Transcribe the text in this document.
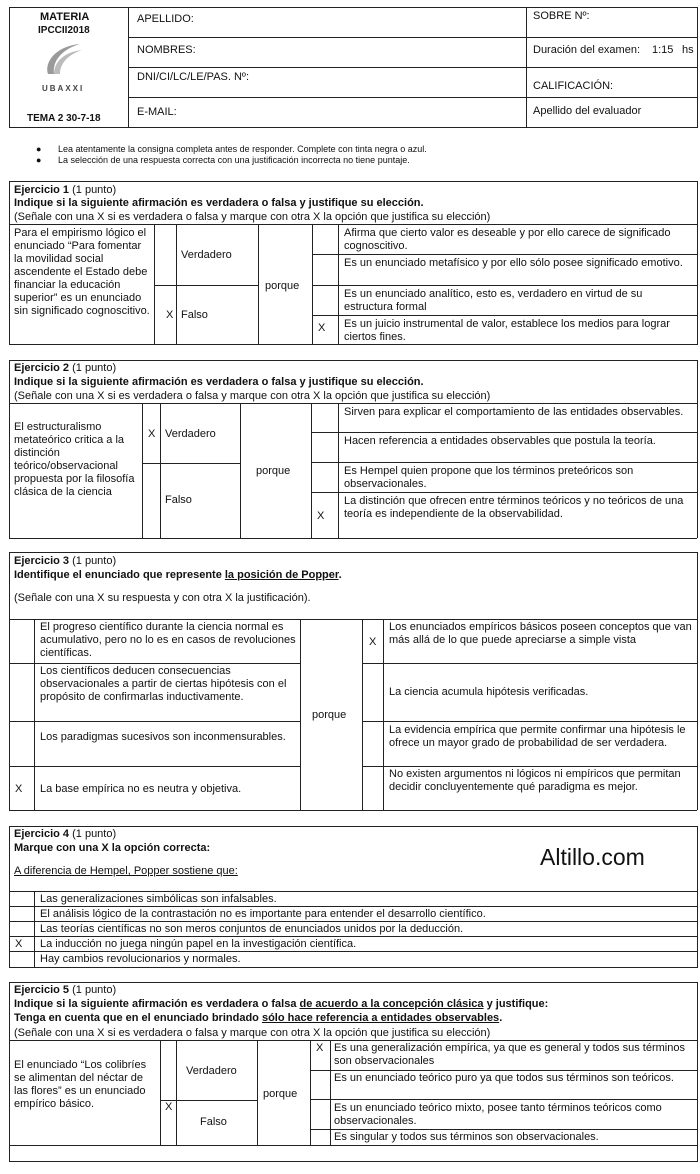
MATERIA
IPCCII2018
UBAXXI
TEMA 2 30-7-18
APELLIDO:
NOMBRES:
DNI/CI/LC/LE/PAS. Nº:
E-MAIL:
SOBRE Nº:
Duración del examen: 1:15 hs
CALIFICACIÓN:
Apellido del evaluador
● Lea atentamente la consigna completa antes de responder. Complete con tinta negra o azul.
● La selección de una respuesta correcta con una justificación incorrecta no tiene puntaje.
Ejercicio 1 (1 punto)
Indique si la siguiente afirmación es verdadera o falsa y justifique su elección.
(Señale con una X si es verdadera o falsa y marque con otra X la opción que justifica su elección)
Para el empirismo lógico el enunciado “Para fomentar la movilidad social ascendente el Estado debe financiar la educación superior” es un enunciado sin significado cognoscitivo.
Verdadero
X Falso
porque
Afirma que cierto valor es deseable y por ello carece de significado cognoscitivo.
Es un enunciado metafísico y por ello sólo posee significado emotivo.
Es un enunciado analítico, esto es, verdadero en virtud de su estructura formal
X Es un juicio instrumental de valor, establece los medios para lograr ciertos fines.
Ejercicio 2 (1 punto)
Indique si la siguiente afirmación es verdadera o falsa y justifique su elección.
(Señale con una X si es verdadera o falsa y marque con otra X la opción que justifica su elección)
El estructuralismo metateórico critica a la distinción teórico/observacional propuesta por la filosofía clásica de la ciencia
X Verdadero
Falso
porque
Sirven para explicar el comportamiento de las entidades observables.
Hacen referencia a entidades observables que postula la teoría.
Es Hempel quien propone que los términos preteóricos son observacionales.
X
La distinción que ofrecen entre términos teóricos y no teóricos de una teoría es independiente de la observabilidad.
Ejercicio 3 (1 punto)
Identifique el enunciado que represente la posición de Popper.
(Señale con una X su respuesta y con otra X la justificación).
El progreso científico durante la ciencia normal es acumulativo, pero no lo es en casos de revoluciones científicas.
Los científicos deducen consecuencias observacionales a partir de ciertas hipótesis con el propósito de confirmarlas inductivamente.
Los paradigmas sucesivos son inconmensurables.
X La base empírica no es neutra y objetiva.
porque
X
Los enunciados empíricos básicos poseen conceptos que van más allá de lo que puede apreciarse a simple vista
La ciencia acumula hipótesis verificadas.
La evidencia empírica que permite confirmar una hipótesis le ofrece un mayor grado de probabilidad de ser verdadera.
No existen argumentos ni lógicos ni empíricos que permitan decidir concluyentemente qué paradigma es mejor.
Ejercicio 4 (1 punto)
Marque con una X la opción correcta:
A diferencia de Hempel, Popper sostiene que:
Altillo.com
Las generalizaciones simbólicas son infalsables.
El análisis lógico de la contrastación no es importante para entender el desarrollo científico.
Las teorías científicas no son meros conjuntos de enunciados unidos por la deducción.
X La inducción no juega ningún papel en la investigación científica.
Hay cambios revolucionarios y normales.
Ejercicio 5 (1 punto)
Indique si la siguiente afirmación es verdadera o falsa de acuerdo a la concepción clásica y justifique:
Tenga en cuenta que en el enunciado brindado sólo hace referencia a entidades observables.
(Señale con una X si es verdadera o falsa y marque con otra X la opción que justifica su elección)
El enunciado “Los colibríes se alimentan del néctar de las flores” es un enunciado empírico básico.
Verdadero
X
Falso
porque
X Es una generalización empírica, ya que es general y todos sus términos son observacionales
Es un enunciado teórico puro ya que todos sus términos son teóricos.
Es un enunciado teórico mixto, posee tanto términos teóricos como observacionales.
Es singular y todos sus términos son observacionales.
